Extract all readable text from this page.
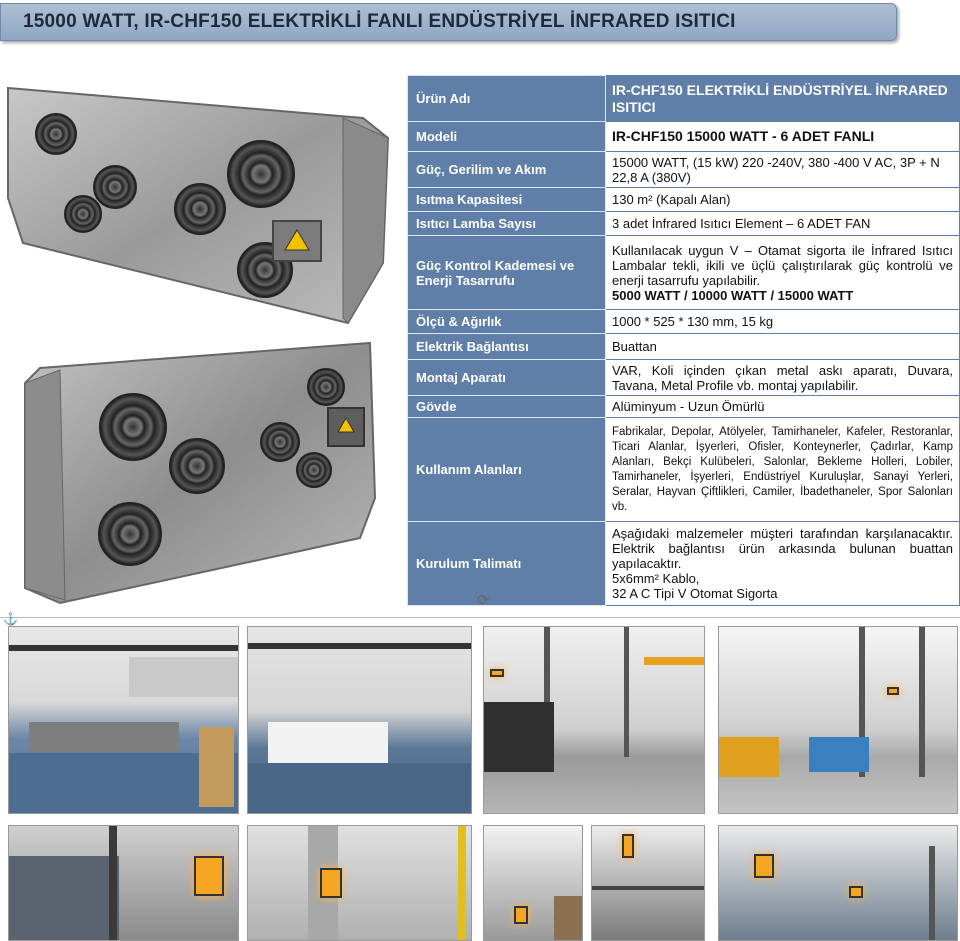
15000 WATT, IR-CHF150 ELEKTRİKLİ FANLI ENDÜSTRİYEL İNFRARED ISITICI
Ürün Adı	IR-CHF150 ELEKTRİKLİ ENDÜSTRİYEL İNFRARED ISITICI
Modeli	IR-CHF150 15000 WATT - 6 ADET FANLI
Güç, Gerilim ve Akım	15000 WATT, (15 kW) 220 -240V, 380 -400 V AC, 3P + N 22,8 A (380V)
Isıtma Kapasitesi	130 m² (Kapalı Alan)
Isıtıcı Lamba Sayısı	3 adet İnfrared Isıtıcı Element – 6 ADET FAN
Güç Kontrol Kademesi ve Enerji Tasarrufu	Kullanılacak uygun V – Otamat sigorta ile İnfrared Isıtıcı Lambalar tekli, ikili ve üçlü çalıştırılarak güç kontrolü ve enerji tasarrufu yapılabilir.
5000 WATT / 10000 WATT / 15000 WATT
Ölçü & Ağırlık	1000 * 525 * 130 mm, 15 kg
Elektrik Bağlantısı	Buattan
Montaj Aparatı	VAR, Koli içinden çıkan metal askı aparatı, Duvara, Tavana, Metal Profile vb. montaj yapılabilir.
Gövde	Alüminyum - Uzun Ömürlü
Kullanım Alanları	Fabrikalar, Depolar, Atölyeler, Tamirhaneler, Kafeler, Restoranlar, Ticari Alanlar, İşyerleri, Ofisler, Konteynerler, Çadırlar, Kamp Alanları, Bekçi Kulübeleri, Salonlar, Bekleme Holleri, Lobiler, Tamirhaneler, İşyerleri, Endüstriyel Kuruluşlar, Sanayi Yerleri, Seralar, Hayvan Çiftlikleri, Camiler, İbadethaneler, Spor Salonları vb.
Kurulum Talimatı	Aşağıdaki malzemeler müşteri tarafından karşılanacaktır. Elektrik bağlantısı ürün arkasında bulunan buattan yapılacaktır.
5x6mm² Kablo,
32 A C Tipi V Otomat Sigorta
⟳
⚓
